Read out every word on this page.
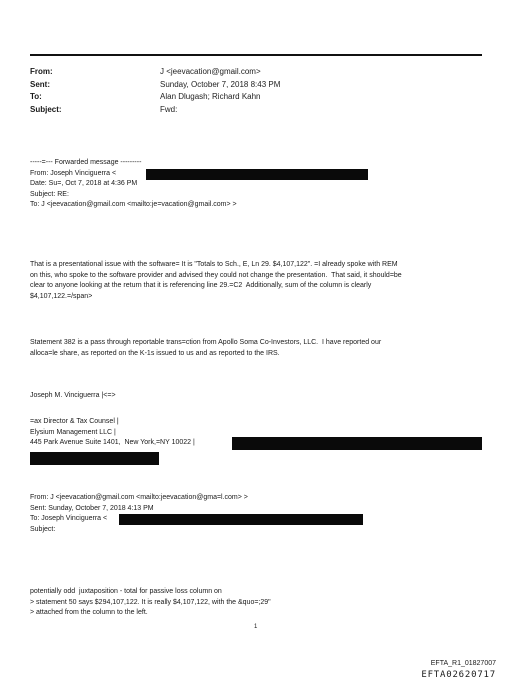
From:	J <jeevacation@gmail.com>
Sent:	Sunday, October 7, 2018 8:43 PM
To:	Alan Dlugash; Richard Kahn
Subject:	Fwd:
-----=--- Forwarded message ---------
From: Joseph Vinciguerra <
Date: Su=, Oct 7, 2018 at 4:36 PM
Subject: RE:
To: J <jeevacation@gmail.com <mailto:je=vacation@gmail.com> >
That is a presentational issue with the software= It is "Totals to Sch., E, Ln 29. $4,107,122". =I already spoke with REM
on this, who spoke to the software provider and advised they could not change the presentation.  That said, it should=be
clear to anyone looking at the return that it is referencing line 29.=C2  Additionally, sum of the column is clearly
$4,107,122.=/span>
Statement 382 is a pass through reportable trans=ction from Apollo Soma Co-Investors, LLC.  I have reported our
alloca=le share, as reported on the K-1s issued to us and as reported to the IRS.
Joseph M. Vinciguerra |<=>
=ax Director & Tax Counsel |
Elysium Management LLC |
445 Park Avenue Suite 1401,  New York,=NY 10022 |
From: J <jeevacation@gmail.com <mailto:jeevacation@gma=l.com> >
Sent: Sunday, October 7, 2018 4:13 PM
To: Joseph Vinciguerra <
Subject:
potentially odd  juxtaposition - total for passive loss column on
> statement 50 says $294,107,122. It is really $4,107,122, with the &quo=;29"
> attached from the column to the left.
1
EFTA_R1_01827007
EFTA02620717
